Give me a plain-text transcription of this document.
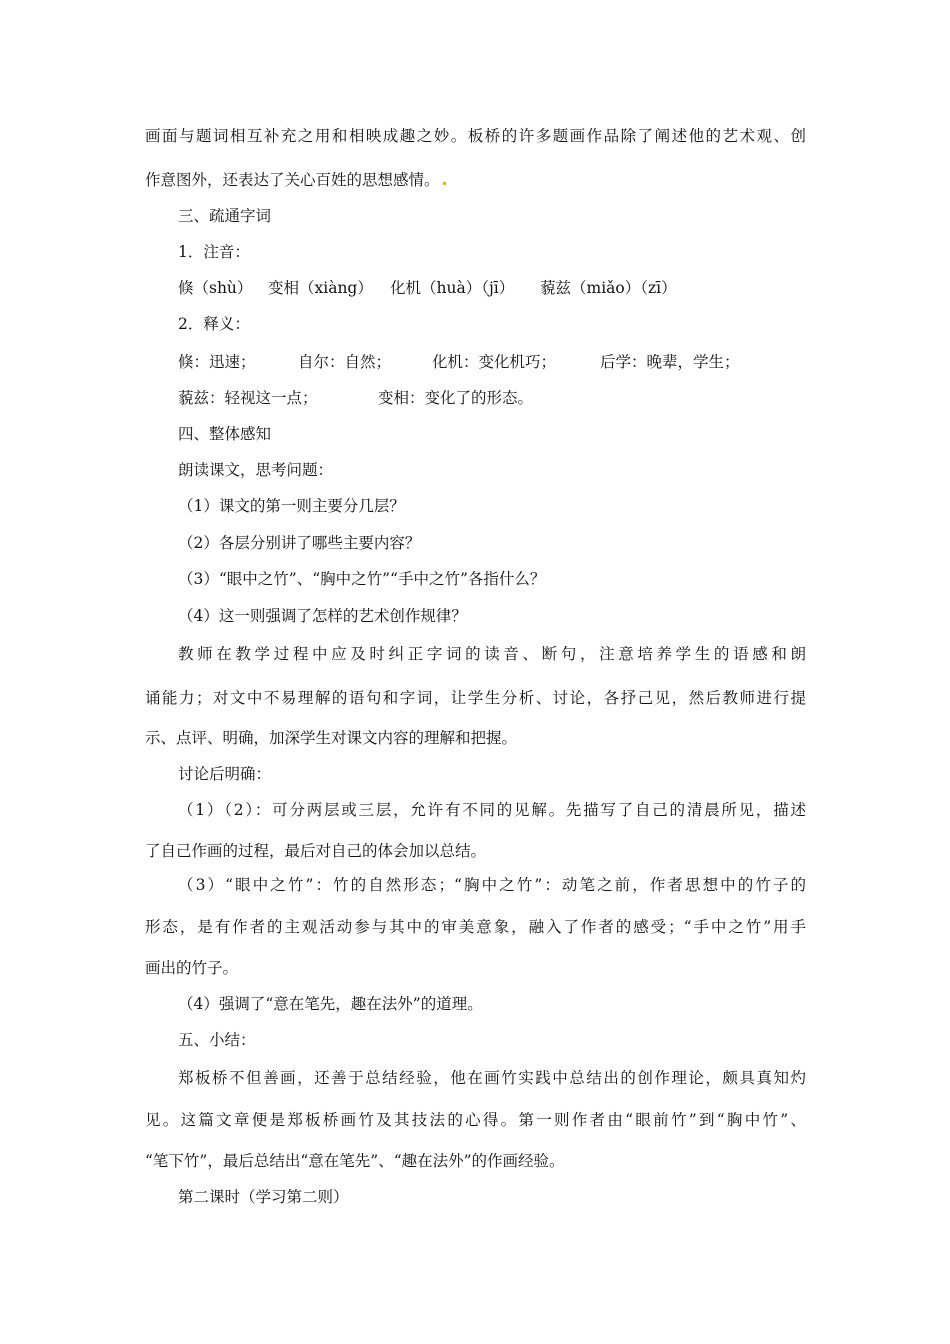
画面与题词相互补充之用和相映成趣之妙。板桥的许多题画作品除了阐述他的艺术观、创
作意图外，还表达了关心百姓的思想感情。
三、疏通字词
1．注音：
倏（shù） 变相（xiàng） 化机（huà）（jī） 藐兹（miǎo）（zī）
2．释义：
倏：迅速；	自尔：自然；	化机：变化机巧；	后学：晚辈，学生；
藐兹：轻视这一点；	变相：变化了的形态。
四、整体感知
朗读课文，思考问题：
（1）课文的第一则主要分几层？
（2）各层分别讲了哪些主要内容？
（3）“眼中之竹”、“胸中之竹”“手中之竹”各指什么？
（4）这一则强调了怎样的艺术创作规律？
教师在教学过程中应及时纠正字词的读音、断句，注意培养学生的语感和朗
诵能力；对文中不易理解的语句和字词，让学生分析、讨论，各抒己见，然后教师进行提
示、点评、明确，加深学生对课文内容的理解和把握。
讨论后明确：
（1）（2）：可分两层或三层，允许有不同的见解。先描写了自己的清晨所见，描述
了自己作画的过程，最后对自己的体会加以总结。
（3）“眼中之竹”：竹的自然形态；“胸中之竹”：动笔之前，作者思想中的竹子的
形态，是有作者的主观活动参与其中的审美意象，融入了作者的感受；“手中之竹”用手
画出的竹子。
（4）强调了“意在笔先，趣在法外”的道理。
五、小结：
郑板桥不但善画，还善于总结经验，他在画竹实践中总结出的创作理论，颇具真知灼
见。这篇文章便是郑板桥画竹及其技法的心得。第一则作者由“眼前竹”到“胸中竹”、
“笔下竹”，最后总结出“意在笔先”、“趣在法外”的作画经验。
第二课时（学习第二则）
